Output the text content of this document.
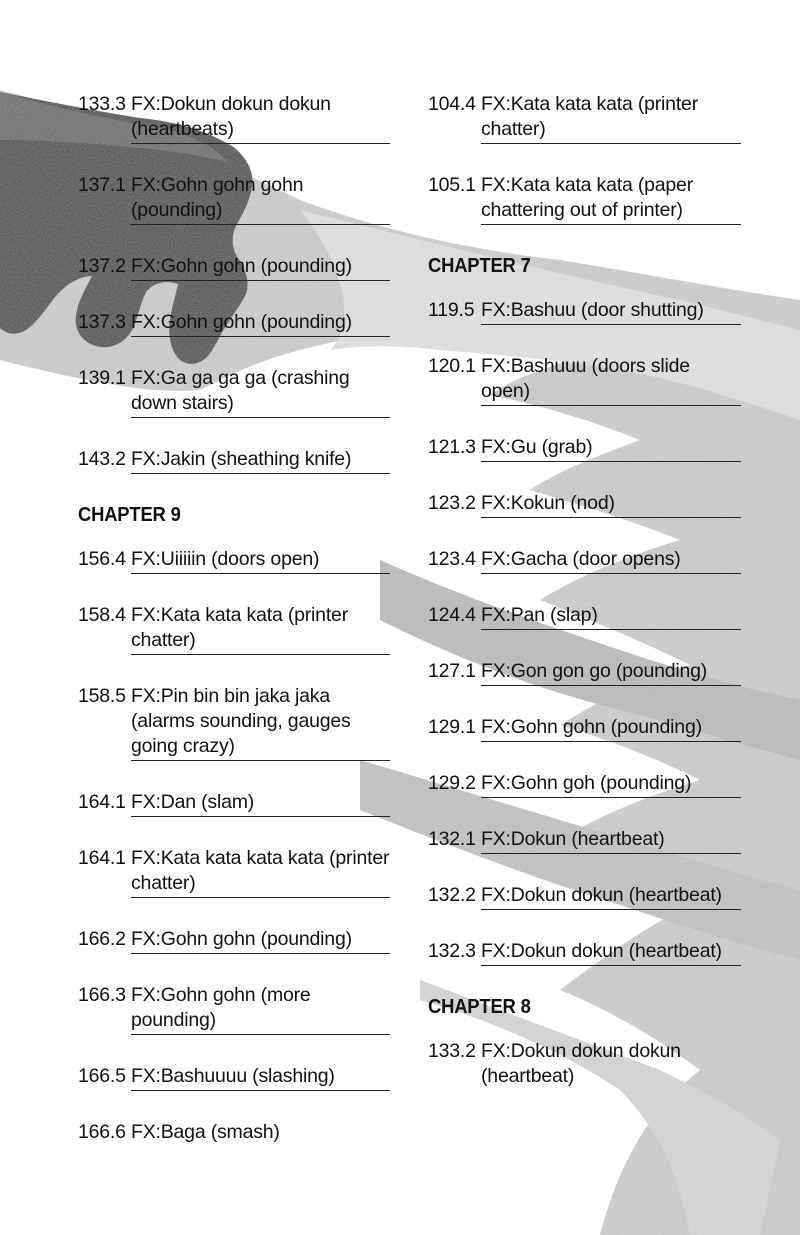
133.3 FX:Dokun dokun dokun (heartbeats)
137.1 FX:Gohn gohn gohn (pounding)
137.2 FX:Gohn gohn (pounding)
137.3 FX:Gohn gohn (pounding)
139.1 FX:Ga ga ga ga (crashing down stairs)
143.2 FX:Jakin (sheathing knife)
CHAPTER 9
156.4 FX:Uiiiiin (doors open)
158.4 FX:Kata kata kata (printer chatter)
158.5 FX:Pin bin bin jaka jaka (alarms sounding, gauges going crazy)
164.1 FX:Dan (slam)
164.1 FX:Kata kata kata kata (printer chatter)
166.2 FX:Gohn gohn (pounding)
166.3 FX:Gohn gohn (more pounding)
166.5 FX:Bashuuuu (slashing)
166.6 FX:Baga (smash)
104.4 FX:Kata kata kata (printer chatter)
105.1 FX:Kata kata kata (paper chattering out of printer)
CHAPTER 7
119.5 FX:Bashuu (door shutting)
120.1 FX:Bashuuu (doors slide open)
121.3 FX:Gu (grab)
123.2 FX:Kokun (nod)
123.4 FX:Gacha (door opens)
124.4 FX:Pan (slap)
127.1 FX:Gon gon go (pounding)
129.1 FX:Gohn gohn (pounding)
129.2 FX:Gohn goh (pounding)
132.1 FX:Dokun (heartbeat)
132.2 FX:Dokun dokun (heartbeat)
132.3 FX:Dokun dokun (heartbeat)
CHAPTER 8
133.2 FX:Dokun dokun dokun (heartbeat)
